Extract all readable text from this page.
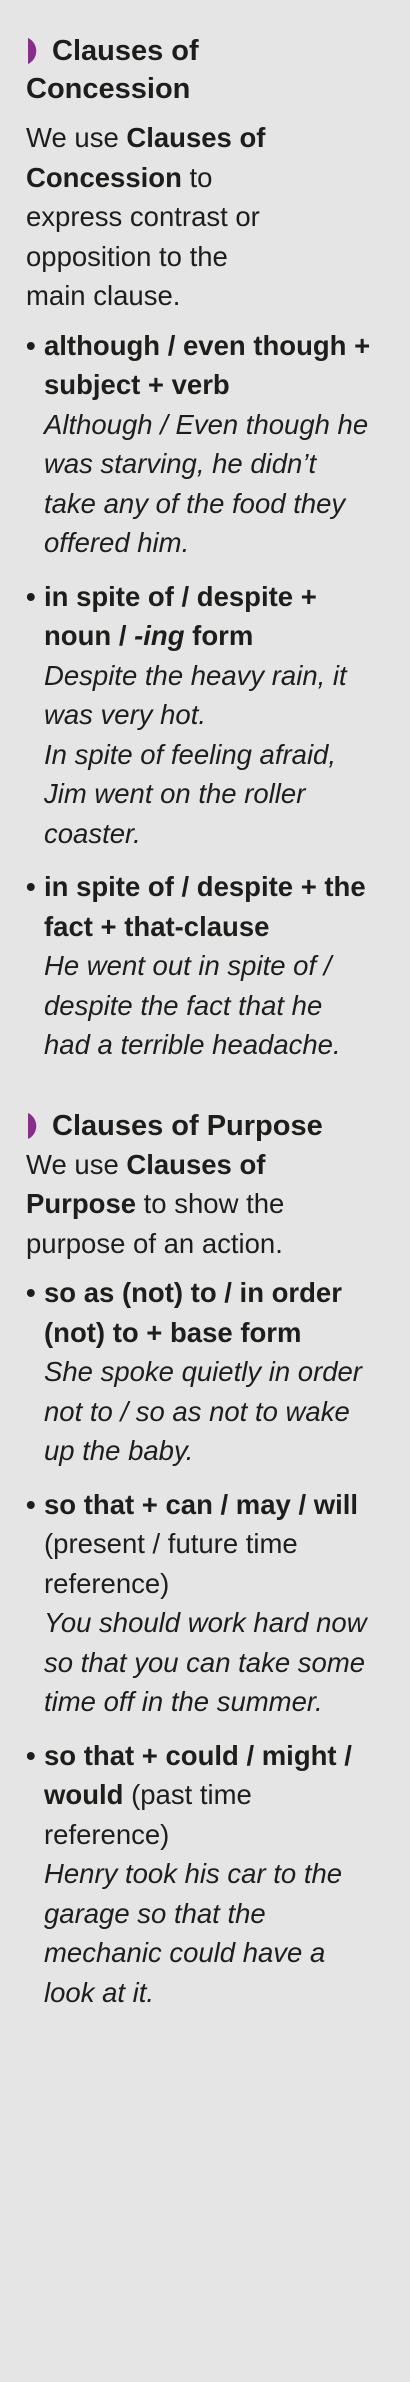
Clauses of
Concession

We use Clauses of Concession to express contrast or opposition to the main clause.

• although / even though + subject + verb
Although / Even though he was starving, he didn’t take any of the food they offered him.
• in spite of / despite + noun / -ing form
Despite the heavy rain, it was very hot.
In spite of feeling afraid, Jim went on the roller coaster.
• in spite of / despite + the fact + that-clause
He went out in spite of / despite the fact that he had a terrible headache.
Clauses of Purpose

We use Clauses of Purpose to show the purpose of an action.

• so as (not) to / in order (not) to + base form
She spoke quietly in order not to / so as not to wake up the baby.
• so that + can / may / will (present / future time reference)
You should work hard now so that you can take some time off in the summer.
• so that + could / might / would (past time reference)
Henry took his car to the garage so that the mechanic could have a look at it.
